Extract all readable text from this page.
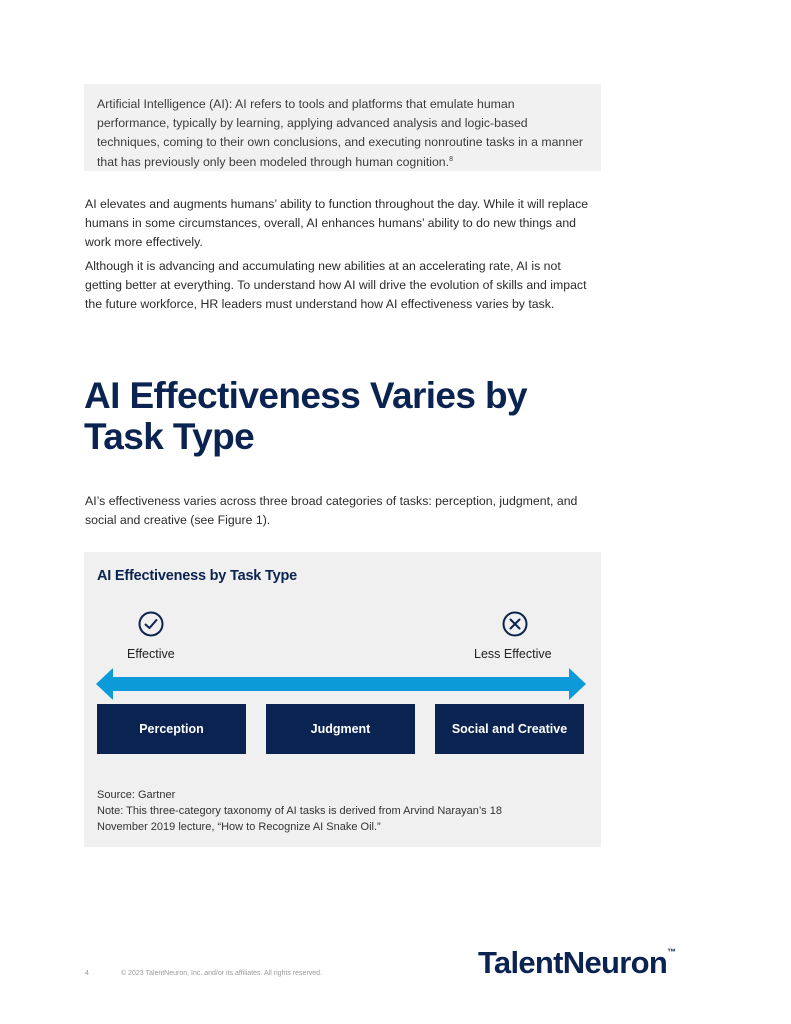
Artificial Intelligence (AI): AI refers to tools and platforms that emulate human performance, typically by learning, applying advanced analysis and logic-based techniques, coming to their own conclusions, and executing nonroutine tasks in a manner that has previously only been modeled through human cognition.$^8$

AI elevates and augments humans’ ability to function throughout the day. While it will replace humans in some circumstances, overall, AI enhances humans’ ability to do new things and work more effectively.

Although it is advancing and accumulating new abilities at an accelerating rate, AI is not getting better at everything. To understand how AI will drive the evolution of skills and impact the future workforce, HR leaders must understand how AI effectiveness varies by task.

AI Effectiveness Varies by Task Type

AI’s effectiveness varies across three broad categories of tasks: perception, judgment, and social and creative (see Figure 1).

AI Effectiveness by Task Type

Effective	Less Effective
Perception	Judgment	Social and Creative
Source: Gartner
Note: This three-category taxonomy of AI tasks is derived from Arvind Narayan’s 18 November 2019 lecture, “How to Recognize AI Snake Oil.”
4	© 2023 TalentNeuron, Inc. and/or its affiliates. All rights reserved.	TalentNeuron™
